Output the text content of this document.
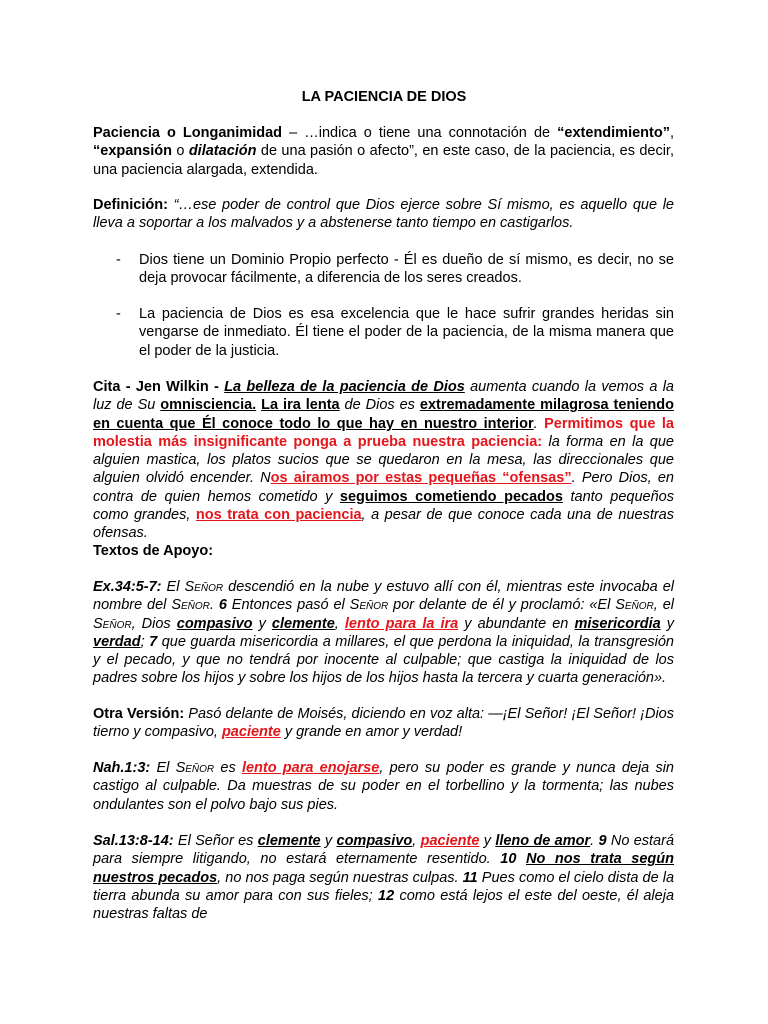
LA PACIENCIA DE DIOS

Paciencia o Longanimidad – …indica o tiene una connotación de “extendimiento”, “expansión o dilatación de una pasión o afecto”, en este caso, de la paciencia, es decir, una paciencia alargada, extendida.

Definición: “…ese poder de control que Dios ejerce sobre Sí mismo, es aquello que le lleva a soportar a los malvados y a abstenerse tanto tiempo en castigarlos.

- Dios tiene un Dominio Propio perfecto - Él es dueño de sí mismo, es decir, no se deja provocar fácilmente, a diferencia de los seres creados.
- La paciencia de Dios es esa excelencia que le hace sufrir grandes heridas sin vengarse de inmediato. Él tiene el poder de la paciencia, de la misma manera que el poder de la justicia.

Cita - Jen Wilkin - La belleza de la paciencia de Dios aumenta cuando la vemos a la luz de Su omnisciencia. La ira lenta de Dios es extremadamente milagrosa teniendo en cuenta que Él conoce todo lo que hay en nuestro interior. Permitimos que la molestia más insignificante ponga a prueba nuestra paciencia: la forma en la que alguien mastica, los platos sucios que se quedaron en la mesa, las direccionales que alguien olvidó encender. Nos airamos por estas pequeñas “ofensas”. Pero Dios, en contra de quien hemos cometido y seguimos cometiendo pecados tanto pequeños como grandes, nos trata con paciencia, a pesar de que conoce cada una de nuestras ofensas.

Textos de Apoyo:

Ex.34:5-7: El Señor descendió en la nube y estuvo allí con él, mientras este invocaba el nombre del Señor. 6 Entonces pasó el Señor por delante de él y proclamó: «El Señor, el Señor, Dios compasivo y clemente, lento para la ira y abundante en misericordia y verdad; 7 que guarda misericordia a millares, el que perdona la iniquidad, la transgresión y el pecado, y que no tendrá por inocente al culpable; que castiga la iniquidad de los padres sobre los hijos y sobre los hijos de los hijos hasta la tercera y cuarta generación».

Otra Versión: Pasó delante de Moisés, diciendo en voz alta: —¡El Señor! ¡El Señor! ¡Dios tierno y compasivo, paciente y grande en amor y verdad!

Nah.1:3: El Señor es lento para enojarse, pero su poder es grande y nunca deja sin castigo al culpable. Da muestras de su poder en el torbellino y la tormenta; las nubes ondulantes son el polvo bajo sus pies.

Sal.13:8-14: El Señor es clemente y compasivo, paciente y lleno de amor. 9 No estará para siempre litigando, no estará eternamente resentido. 10 No nos trata según nuestros pecados, no nos paga según nuestras culpas. 11 Pues como el cielo dista de la tierra abunda su amor para con sus fieles; 12 como está lejos el este del oeste, él aleja nuestras faltas de
